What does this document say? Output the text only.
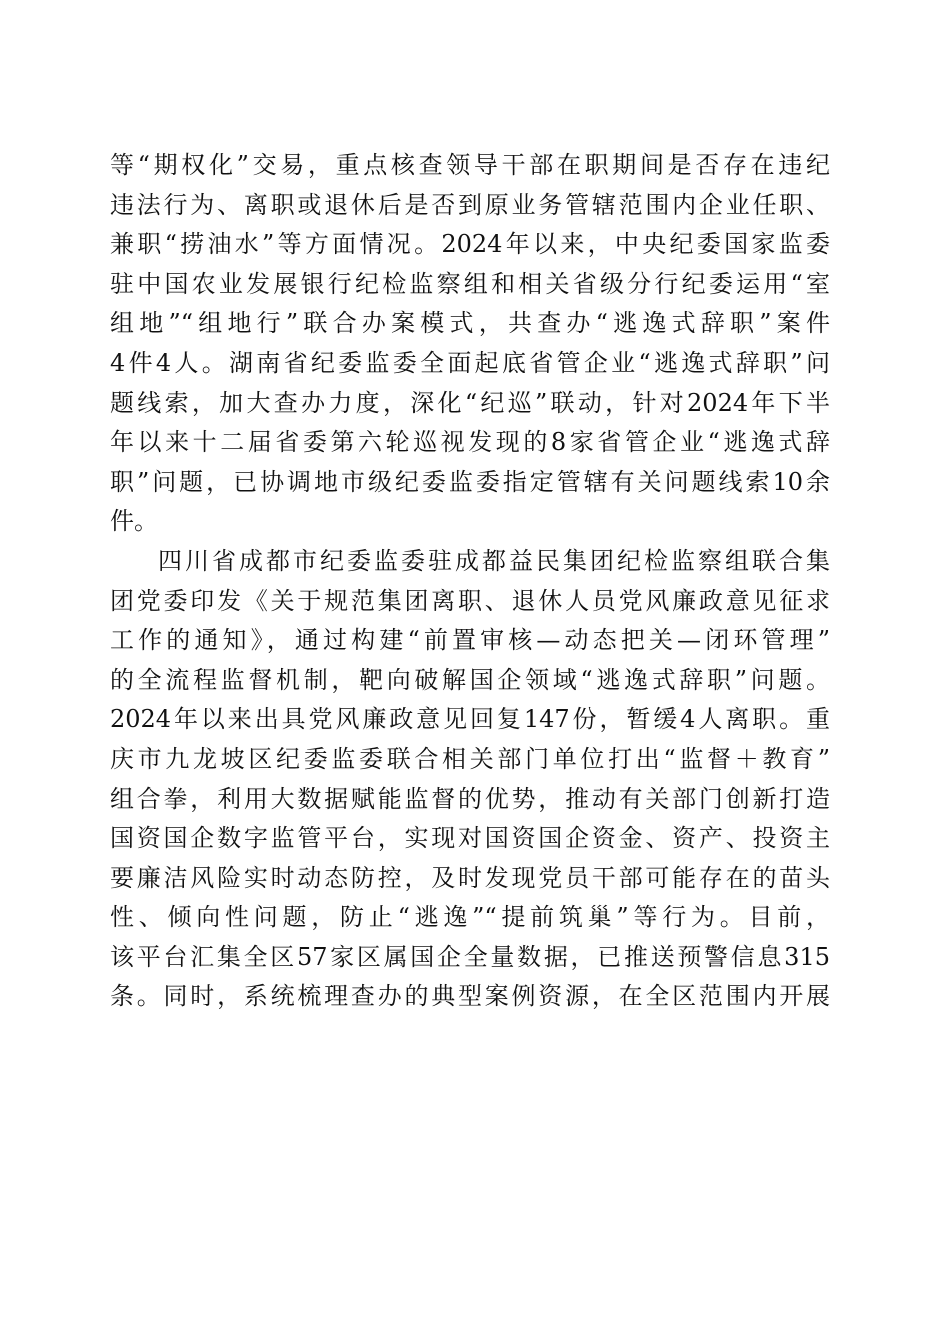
等“期权化”交易，重点核查领导干部在职期间是否存在违纪
违法行为、离职或退休后是否到原业务管辖范围内企业任职、
兼职“捞油水”等方面情况。2024年以来，中央纪委国家监委
驻中国农业发展银行纪检监察组和相关省级分行纪委运用“室
组地”“组地行”联合办案模式，共查办“逃逸式辞职”案件
4件4人。湖南省纪委监委全面起底省管企业“逃逸式辞职”问
题线索，加大查办力度，深化“纪巡”联动，针对2024年下半
年以来十二届省委第六轮巡视发现的8家省管企业“逃逸式辞
职”问题，已协调地市级纪委监委指定管辖有关问题线索10余
件。
四川省成都市纪委监委驻成都益民集团纪检监察组联合集
团党委印发《关于规范集团离职、退休人员党风廉政意见征求
工作的通知》，通过构建“前置审核—动态把关—闭环管理”
的全流程监督机制，靶向破解国企领域“逃逸式辞职”问题。
2024年以来出具党风廉政意见回复147份，暂缓4人离职。重
庆市九龙坡区纪委监委联合相关部门单位打出“监督＋教育”
组合拳，利用大数据赋能监督的优势，推动有关部门创新打造
国资国企数字监管平台，实现对国资国企资金、资产、投资主
要廉洁风险实时动态防控，及时发现党员干部可能存在的苗头
性、倾向性问题，防止“逃逸”“提前筑巢”等行为。目前，
该平台汇集全区57家区属国企全量数据，已推送预警信息315
条。同时，系统梳理查办的典型案例资源，在全区范围内开展
